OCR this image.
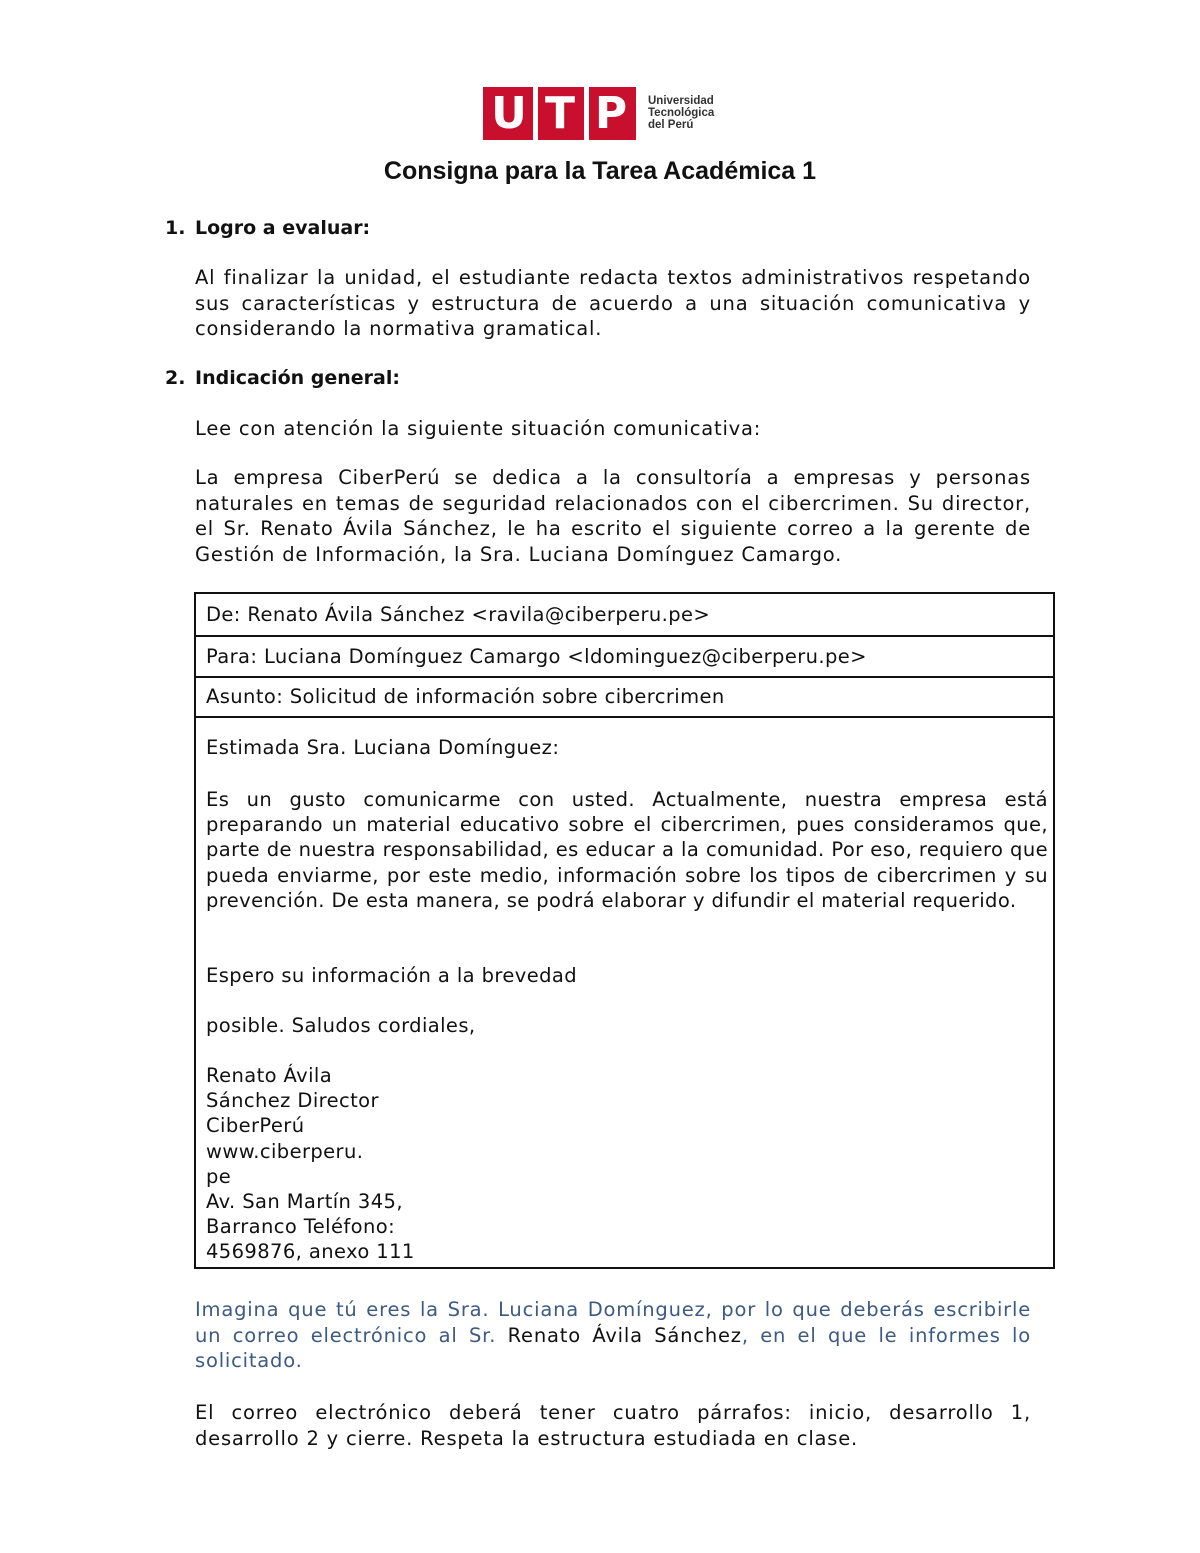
U T P	Universidad
Tecnológica
del Perú
Consigna para la Tarea Académica 1
1. Logro a evaluar:
Al finalizar la unidad, el estudiante redacta textos administrativos respetando sus características y estructura de acuerdo a una situación comunicativa y considerando la normativa gramatical.
2. Indicación general:
Lee con atención la siguiente situación comunicativa:
La empresa CiberPerú se dedica a la consultoría a empresas y personas naturales en temas de seguridad relacionados con el cibercrimen. Su director, el Sr. Renato Ávila Sánchez, le ha escrito el siguiente correo a la gerente de Gestión de Información, la Sra. Luciana Domínguez Camargo.
De: Renato Ávila Sánchez <ravila@ciberperu.pe>
Para: Luciana Domínguez Camargo <ldominguez@ciberperu.pe>
Asunto: Solicitud de información sobre cibercrimen
Estimada Sra. Luciana Domínguez:
Es un gusto comunicarme con usted. Actualmente, nuestra empresa está preparando un material educativo sobre el cibercrimen, pues consideramos que, parte de nuestra responsabilidad, es educar a la comunidad. Por eso, requiero que pueda enviarme, por este medio, información sobre los tipos de cibercrimen y su prevención. De esta manera, se podrá elaborar y difundir el material requerido.
Espero su información a la brevedad
posible. Saludos cordiales,
Renato Ávila
Sánchez Director
CiberPerú
www.ciberperu.
pe
Av. San Martín 345,
Barranco Teléfono:
4569876, anexo 111
Imagina que tú eres la Sra. Luciana Domínguez, por lo que deberás escribirle un correo electrónico al Sr. Renato Ávila Sánchez, en el que le informes lo solicitado.
El correo electrónico deberá tener cuatro párrafos: inicio, desarrollo 1, desarrollo 2 y cierre. Respeta la estructura estudiada en clase.
